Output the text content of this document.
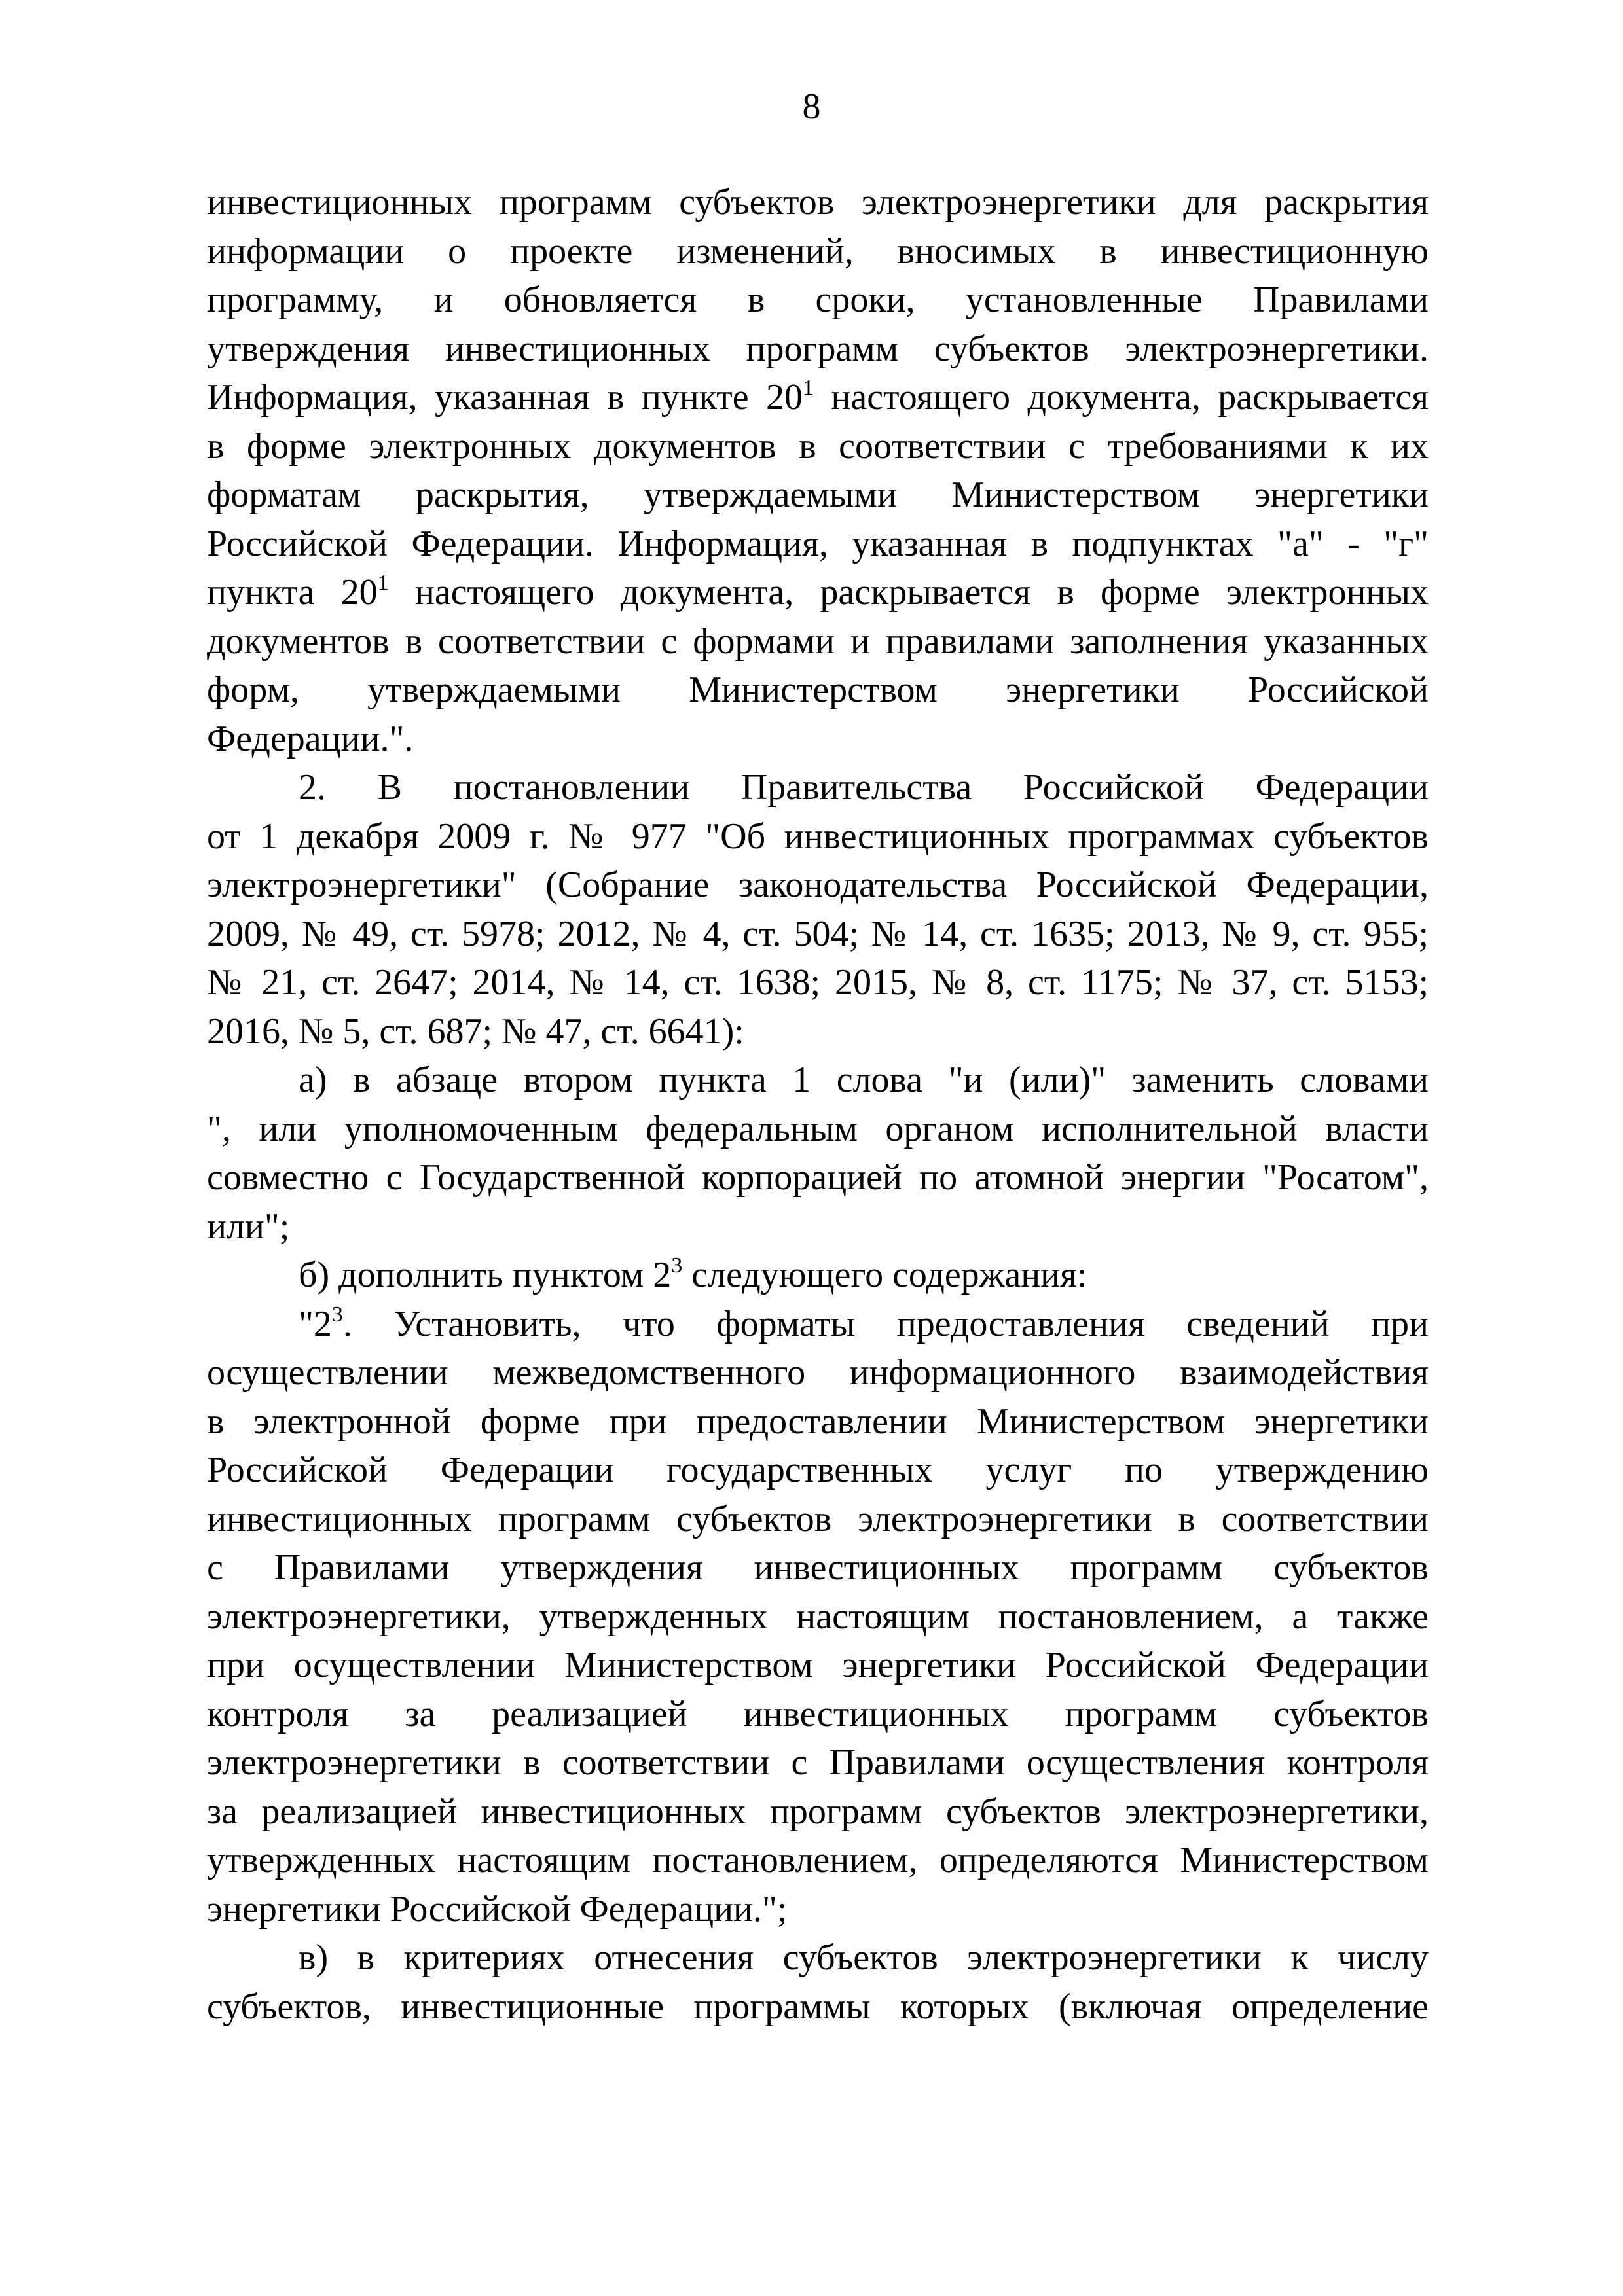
8
инвестиционных программ субъектов электроэнергетики для раскрытия
информации о проекте изменений, вносимых в инвестиционную
программу, и обновляется в сроки, установленные Правилами
утверждения инвестиционных программ субъектов электроэнергетики.
Информация, указанная в пункте $20^1$ настоящего документа, раскрывается
в форме электронных документов в соответствии с требованиями к их
форматам раскрытия, утверждаемыми Министерством энергетики
Российской Федерации. Информация, указанная в подпунктах "а" - "г"
пункта $20^1$ настоящего документа, раскрывается в форме электронных
документов в соответствии с формами и правилами заполнения указанных
форм, утверждаемыми Министерством энергетики Российской
Федерации.".
2. В постановлении Правительства Российской Федерации
от 1 декабря 2009 г. № 977 "Об инвестиционных программах субъектов
электроэнергетики" (Собрание законодательства Российской Федерации,
2009, № 49, ст. 5978; 2012, № 4, ст. 504; № 14, ст. 1635; 2013, № 9, ст. 955;
№ 21, ст. 2647; 2014, № 14, ст. 1638; 2015, № 8, ст. 1175; № 37, ст. 5153;
2016, № 5, ст. 687; № 47, ст. 6641):
а) в абзаце втором пункта 1 слова "и (или)" заменить словами
", или уполномоченным федеральным органом исполнительной власти
совместно с Государственной корпорацией по атомной энергии "Росатом",
или";
б) дополнить пунктом $2^3$ следующего содержания:
"$2^3$. Установить, что форматы предоставления сведений при
осуществлении межведомственного информационного взаимодействия
в электронной форме при предоставлении Министерством энергетики
Российской Федерации государственных услуг по утверждению
инвестиционных программ субъектов электроэнергетики в соответствии
с Правилами утверждения инвестиционных программ субъектов
электроэнергетики, утвержденных настоящим постановлением, а также
при осуществлении Министерством энергетики Российской Федерации
контроля за реализацией инвестиционных программ субъектов
электроэнергетики в соответствии с Правилами осуществления контроля
за реализацией инвестиционных программ субъектов электроэнергетики,
утвержденных настоящим постановлением, определяются Министерством
энергетики Российской Федерации.";
в) в критериях отнесения субъектов электроэнергетики к числу
субъектов, инвестиционные программы которых (включая определение
